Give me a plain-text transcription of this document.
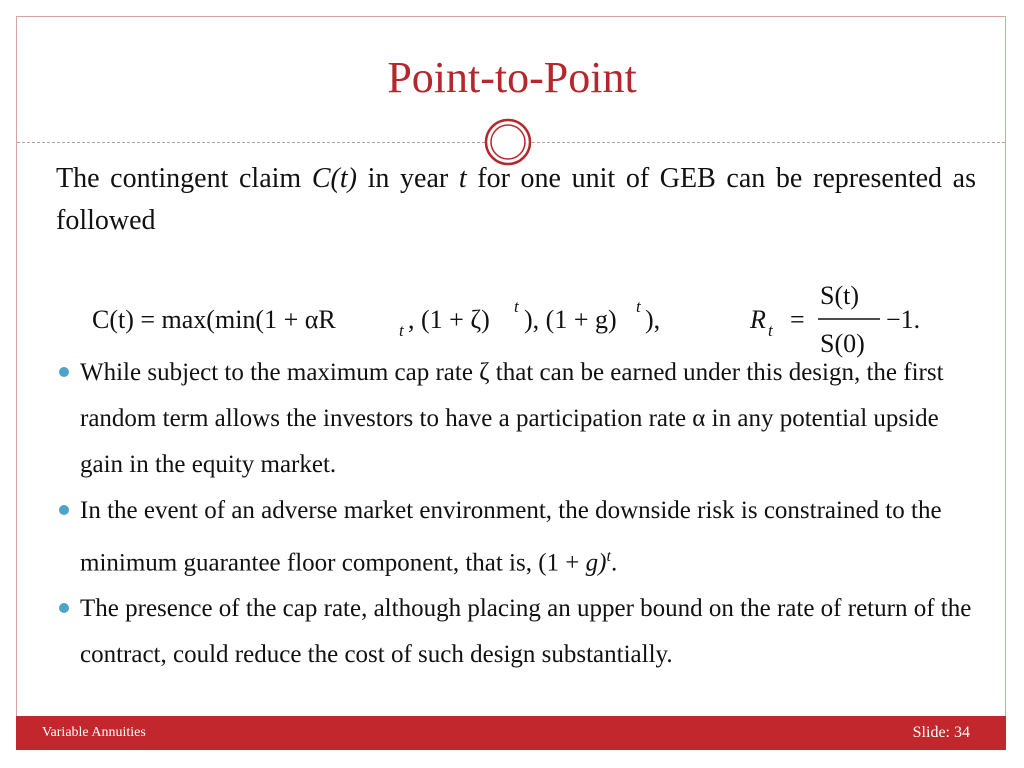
Point-to-Point
The contingent claim C(t) in year t for one unit of GEB can be represented as followed
C(t) = max(min(1 + αR	t , (1 + ζ) t ), (1 + g) t ),	R t =
S(t)
S(0)
−1.
While subject to the maximum cap rate ζ that can be earned under this design, the first random term allows the investors to have a participation rate α in any potential upside gain in the equity market.
In the event of an adverse market environment, the downside risk is constrained to the minimum guarantee floor component, that is, $(1 + g)^t$.
The presence of the cap rate, although placing an upper bound on the rate of return of the contract, could reduce the cost of such design substantially.
Variable Annuities	Slide: 34
